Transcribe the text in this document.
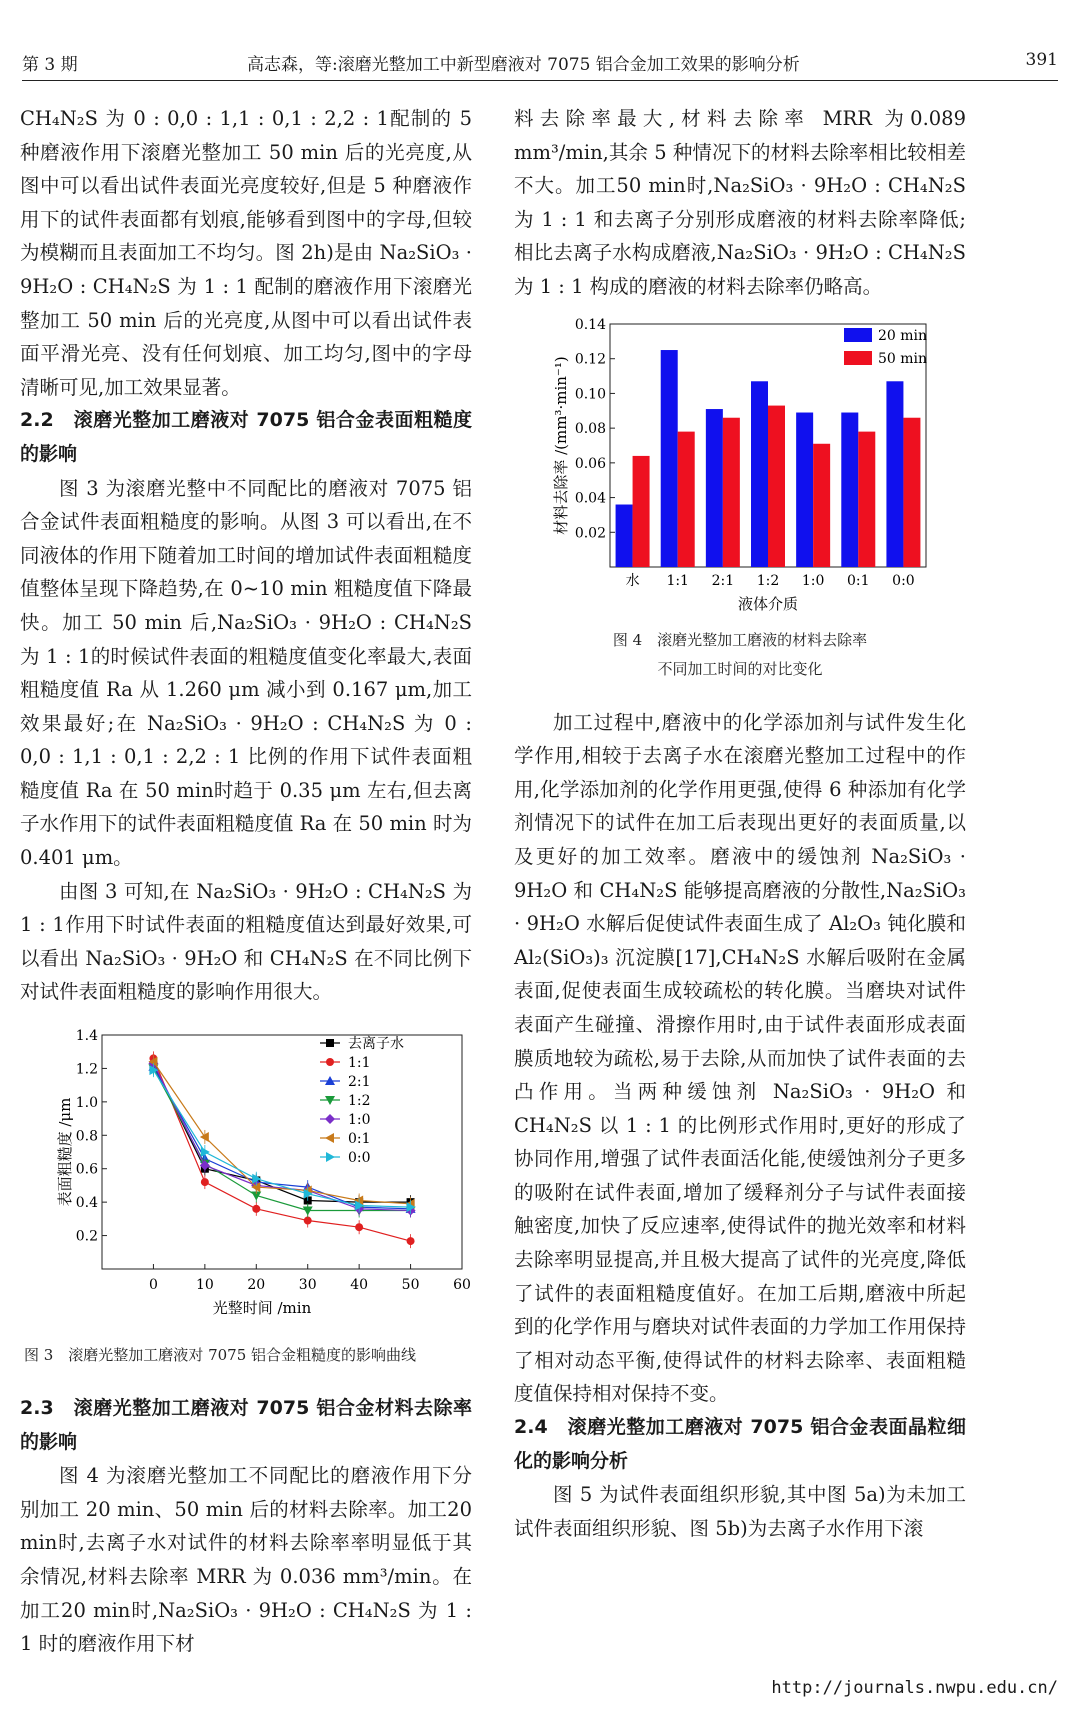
第 3 期	高志森，等:滚磨光整加工中新型磨液对 7075 铝合金加工效果的影响分析	391

CH₄N₂S 为 0 : 0,0 : 1,1 : 0,1 : 2,2 : 1配制的 5 种磨液作用下滚磨光整加工 50 min 后的光亮度,从图中可以看出试件表面光亮度较好,但是 5 种磨液作用下的试件表面都有划痕,能够看到图中的字母,但较为模糊而且表面加工不均匀。图 2h)是由 Na₂SiO₃ · 9H₂O : CH₄N₂S 为 1 : 1 配制的磨液作用下滚磨光整加工 50 min 后的光亮度,从图中可以看出试件表面平滑光亮、没有任何划痕、加工均匀,图中的字母清晰可见,加工效果显著。

2.2　滚磨光整加工磨液对 7075 铝合金表面粗糙度的影响

图 3 为滚磨光整中不同配比的磨液对 7075 铝合金试件表面粗糙度的影响。从图 3 可以看出,在不同液体的作用下随着加工时间的增加试件表面粗糙度值整体呈现下降趋势,在 0~10 min 粗糙度值下降最快。加工 50 min 后,Na₂SiO₃ · 9H₂O : CH₄N₂S 为 1 : 1的时候试件表面的粗糙度值变化率最大,表面粗糙度值 Ra 从 1.260 μm 减小到 0.167 μm,加工效果最好;在 Na₂SiO₃ · 9H₂O : CH₄N₂S 为 0 : 0,0 : 1,1 : 0,1 : 2,2 : 1 比例的作用下试件表面粗糙度值 Ra 在 50 min时趋于 0.35 μm 左右,但去离子水作用下的试件表面粗糙度值 Ra 在 50 min 时为 0.401 μm。

由图 3 可知,在 Na₂SiO₃ · 9H₂O : CH₄N₂S 为 1 : 1作用下时试件表面的粗糙度值达到最好效果,可以看出 Na₂SiO₃ · 9H₂O 和 CH₄N₂S 在不同比例下对试件表面粗糙度的影响作用很大。

0	10 20 30 40 50 60
0.2
0.4
0.6
0.8
1.0
1.2
1.4
光整时间 /min
表面粗糙度 /μm
去离子水
1:1
2:1
1:2
1:0
0:1
0:0

图 3　滚磨光整加工磨液对 7075 铝合金粗糙度的影响曲线

2.3　滚磨光整加工磨液对 7075 铝合金材料去除率的影响

图 4 为滚磨光整加工不同配比的磨液作用下分别加工 20 min、50 min 后的材料去除率。加工20 min时,去离子水对试件的材料去除率率明显低于其余情况,材料去除率 MRR 为 0.036 mm³/min。在加工20 min时,Na₂SiO₃ · 9H₂O : CH₄N₂S 为 1 : 1 时的磨液作用下材

料去除率最大,材料去除率 MRR 为0.089 mm³/min,其余 5 种情况下的材料去除率相比较相差不大。加工50 min时,Na₂SiO₃ · 9H₂O : CH₄N₂S 为 1 : 1 和去离子分别形成磨液的材料去除率降低;相比去离子水构成磨液,Na₂SiO₃ · 9H₂O : CH₄N₂S 为 1 : 1 构成的磨液的材料去除率仍略高。

0.02
0.04
0.06
0.08
0.10
0.12
0.14
水 1:1 2:1 1:2 1:0 0:1 0:0
液体介质
材料去除率 /(mm³·min⁻¹)
20 min
50 min

图 4　滚磨光整加工磨液的材料去除率

不同加工时间的对比变化

加工过程中,磨液中的化学添加剂与试件发生化学作用,相较于去离子水在滚磨光整加工过程中的作用,化学添加剂的化学作用更强,使得 6 种添加有化学剂情况下的试件在加工后表现出更好的表面质量,以及更好的加工效率。磨液中的缓蚀剂 Na₂SiO₃ · 9H₂O 和 CH₄N₂S 能够提高磨液的分散性,Na₂SiO₃ · 9H₂O 水解后促使试件表面生成了 Al₂O₃ 钝化膜和 Al₂(SiO₃)₃ 沉淀膜[17],CH₄N₂S 水解后吸附在金属表面,促使表面生成较疏松的转化膜。当磨块对试件表面产生碰撞、滑擦作用时,由于试件表面形成表面膜质地较为疏松,易于去除,从而加快了试件表面的去凸作用。当两种缓蚀剂 Na₂SiO₃ · 9H₂O 和 CH₄N₂S 以 1 : 1 的比例形式作用时,更好的形成了协同作用,增强了试件表面活化能,使缓蚀剂分子更多的吸附在试件表面,增加了缓释剂分子与试件表面接触密度,加快了反应速率,使得试件的抛光效率和材料去除率明显提高,并且极大提高了试件的光亮度,降低了试件的表面粗糙度值好。在加工后期,磨液中所起到的化学作用与磨块对试件表面的力学加工作用保持了相对动态平衡,使得试件的材料去除率、表面粗糙度值保持相对保持不变。

2.4　滚磨光整加工磨液对 7075 铝合金表面晶粒细化的影响分析

图 5 为试件表面组织形貌,其中图 5a)为未加工试件表面组织形貌、图 5b)为去离子水作用下滚

http://journals.nwpu.edu.cn/
